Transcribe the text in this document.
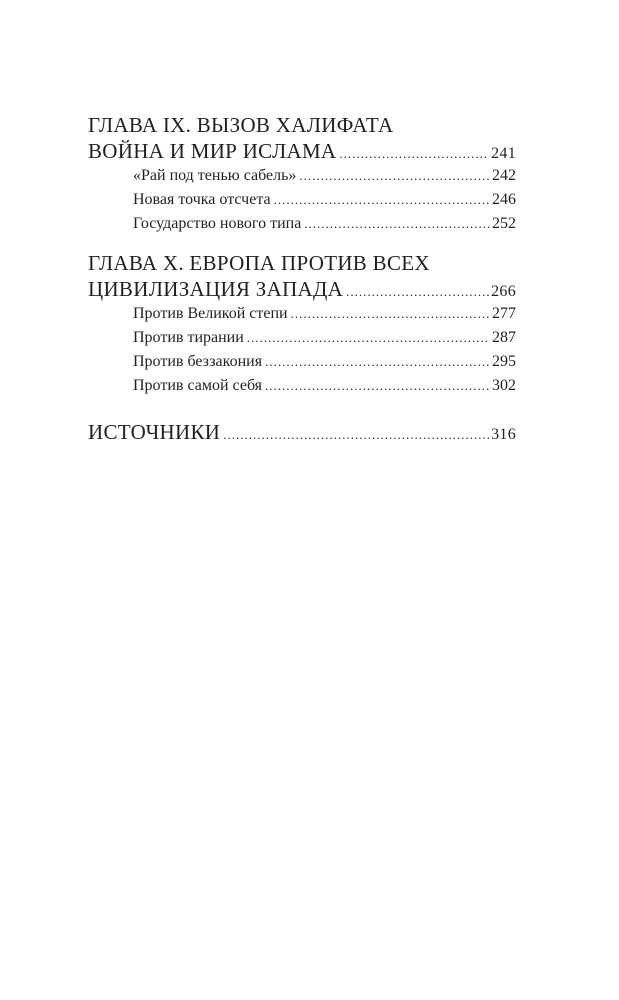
ГЛАВА IX. ВЫЗОВ ХАЛИФАТА
ВОЙНА И МИР ИСЛАМА .....	241
«Рай под тенью сабель» .....	242
Новая точка отсчета .....	246
Государство нового типа .....	252
ГЛАВА X. ЕВРОПА ПРОТИВ ВСЕХ
ЦИВИЛИЗАЦИЯ ЗАПАДА .....	266
Против Великой степи .....	277
Против тирании .....	287
Против беззакония .....	295
Против самой себя .....	302
ИСТОЧНИКИ .....	316
